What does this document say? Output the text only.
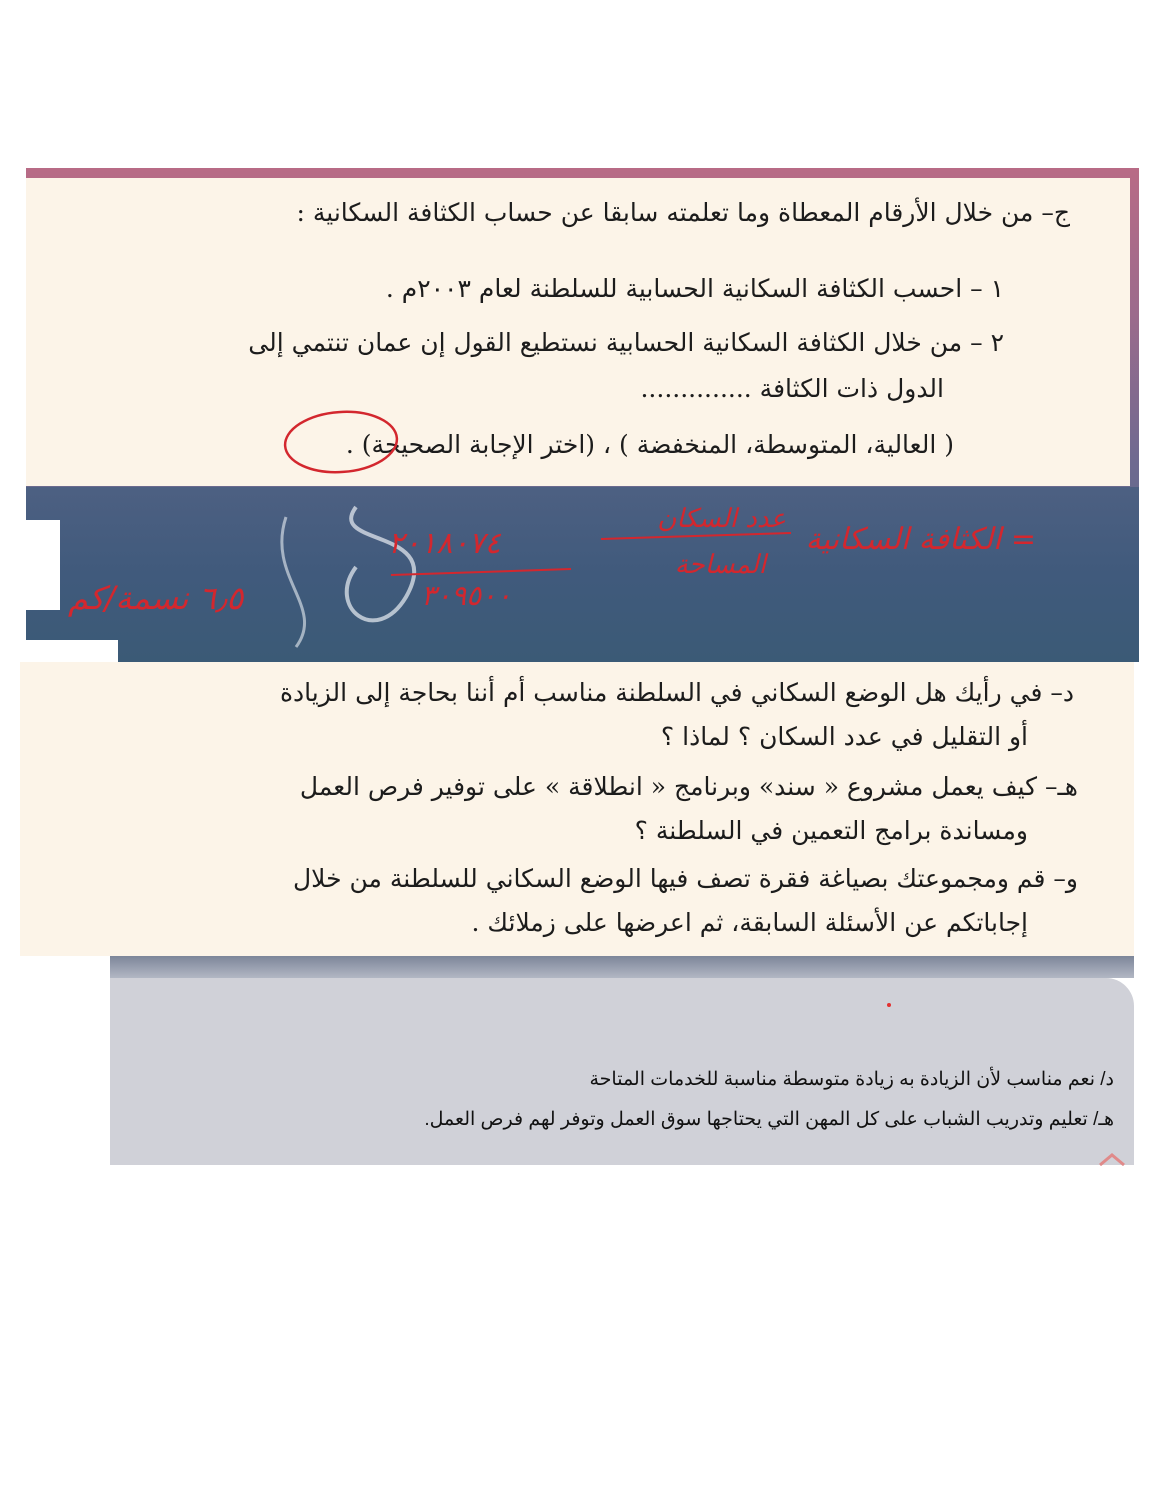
ج– من خلال الأرقام المعطاة وما تعلمته سابقا عن حساب الكثافة السكانية :
١ – احسب الكثافة السكانية الحسابية للسلطنة لعام ٢٠٠٣م .
٢ – من خلال الكثافة السكانية الحسابية نستطيع القول إن عمان تنتمي إلى
الدول ذات الكثافة ..............
( العالية، المتوسطة، المنخفضة ) ، (اختر الإجابة الصحيحة) .
الكثافة السكانية =
عدد السكان
المساحة
٢٠١٨٠٧٤
٣٠٩٥٠٠
٦٫٥ نسمة/كم
د– في رأيك هل الوضع السكاني في السلطنة مناسب أم أننا بحاجة إلى الزيادة
أو التقليل في عدد السكان ؟ لماذا ؟
هـ– كيف يعمل مشروع « سند» وبرنامج « انطلاقة » على توفير فرص العمل
ومساندة برامج التعمين في السلطنة ؟
و– قم ومجموعتك بصياغة فقرة تصف فيها الوضع السكاني للسلطنة من خلال
إجاباتكم عن الأسئلة السابقة، ثم اعرضها على زملائك .
د/ نعم مناسب لأن الزيادة به زيادة متوسطة مناسبة للخدمات المتاحة
هـ/ تعليم وتدريب الشباب على كل المهن التي يحتاجها سوق العمل وتوفر لهم فرص العمل.
